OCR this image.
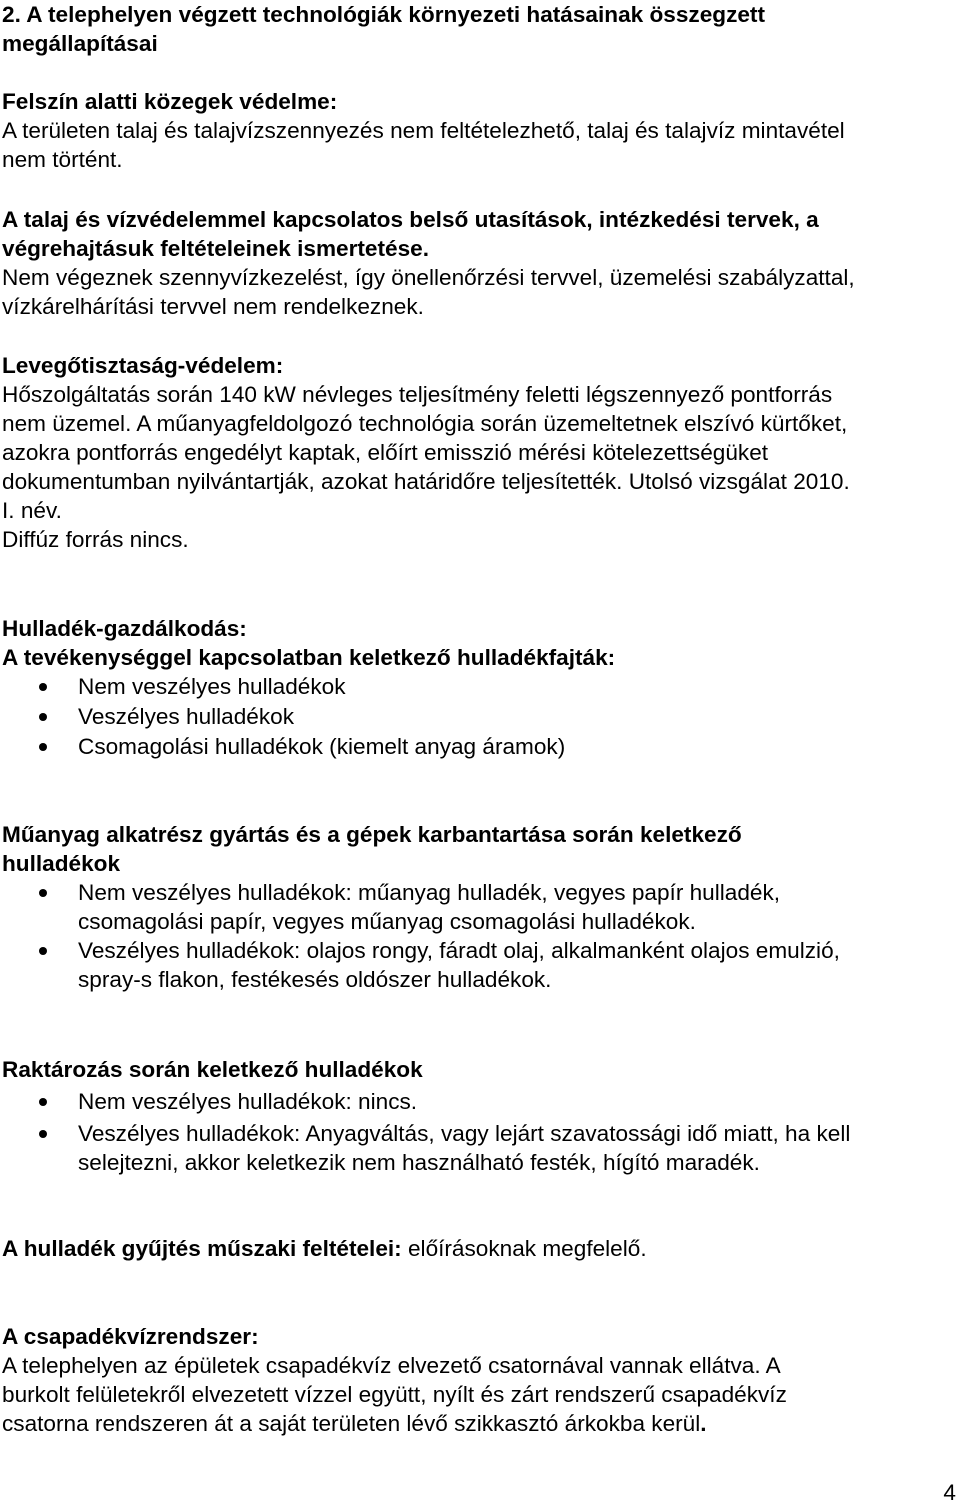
2. A telephelyen végzett technológiák környezeti hatásainak összegzett
megállapításai
Felszín alatti közegek védelme:
A területen talaj és talajvízszennyezés nem feltételezhető, talaj és talajvíz mintavétel
nem történt.
A talaj és vízvédelemmel kapcsolatos belső utasítások, intézkedési tervek, a
végrehajtásuk feltételeinek ismertetése.
Nem végeznek szennyvízkezelést, így önellenőrzési tervvel, üzemelési szabályzattal,
vízkárelhárítási tervvel nem rendelkeznek.
Levegőtisztaság-védelem:
Hőszolgáltatás során 140 kW névleges teljesítmény feletti légszennyező pontforrás
nem üzemel. A műanyagfeldolgozó technológia során üzemeltetnek elszívó kürtőket,
azokra pontforrás engedélyt kaptak, előírt emisszió mérési kötelezettségüket
dokumentumban nyilvántartják, azokat határidőre teljesítették. Utolsó vizsgálat 2010.
I. név.
Diffúz forrás nincs.
Hulladék-gazdálkodás:
A tevékenységgel kapcsolatban keletkező hulladékfajták:
Nem veszélyes hulladékok
Veszélyes hulladékok
Csomagolási hulladékok (kiemelt anyag áramok)
Műanyag alkatrész gyártás és a gépek karbantartása során keletkező
hulladékok
Nem veszélyes hulladékok: műanyag hulladék, vegyes papír hulladék,
csomagolási papír, vegyes műanyag csomagolási hulladékok.
Veszélyes hulladékok: olajos rongy, fáradt olaj, alkalmanként olajos emulzió,
spray-s flakon, festékesés oldószer hulladékok.
Raktározás során keletkező hulladékok
Nem veszélyes hulladékok: nincs.
Veszélyes hulladékok: Anyagváltás, vagy lejárt szavatossági idő miatt, ha kell
selejtezni, akkor keletkezik nem használható festék, hígító maradék.
A hulladék gyűjtés műszaki feltételei: előírásoknak megfelelő.
A csapadékvízrendszer:
A telephelyen az épületek csapadékvíz elvezető csatornával vannak ellátva. A
burkolt felületekről elvezetett vízzel együtt, nyílt és zárt rendszerű csapadékvíz
csatorna rendszeren át a saját területen lévő szikkasztó árkokba kerül.
4
